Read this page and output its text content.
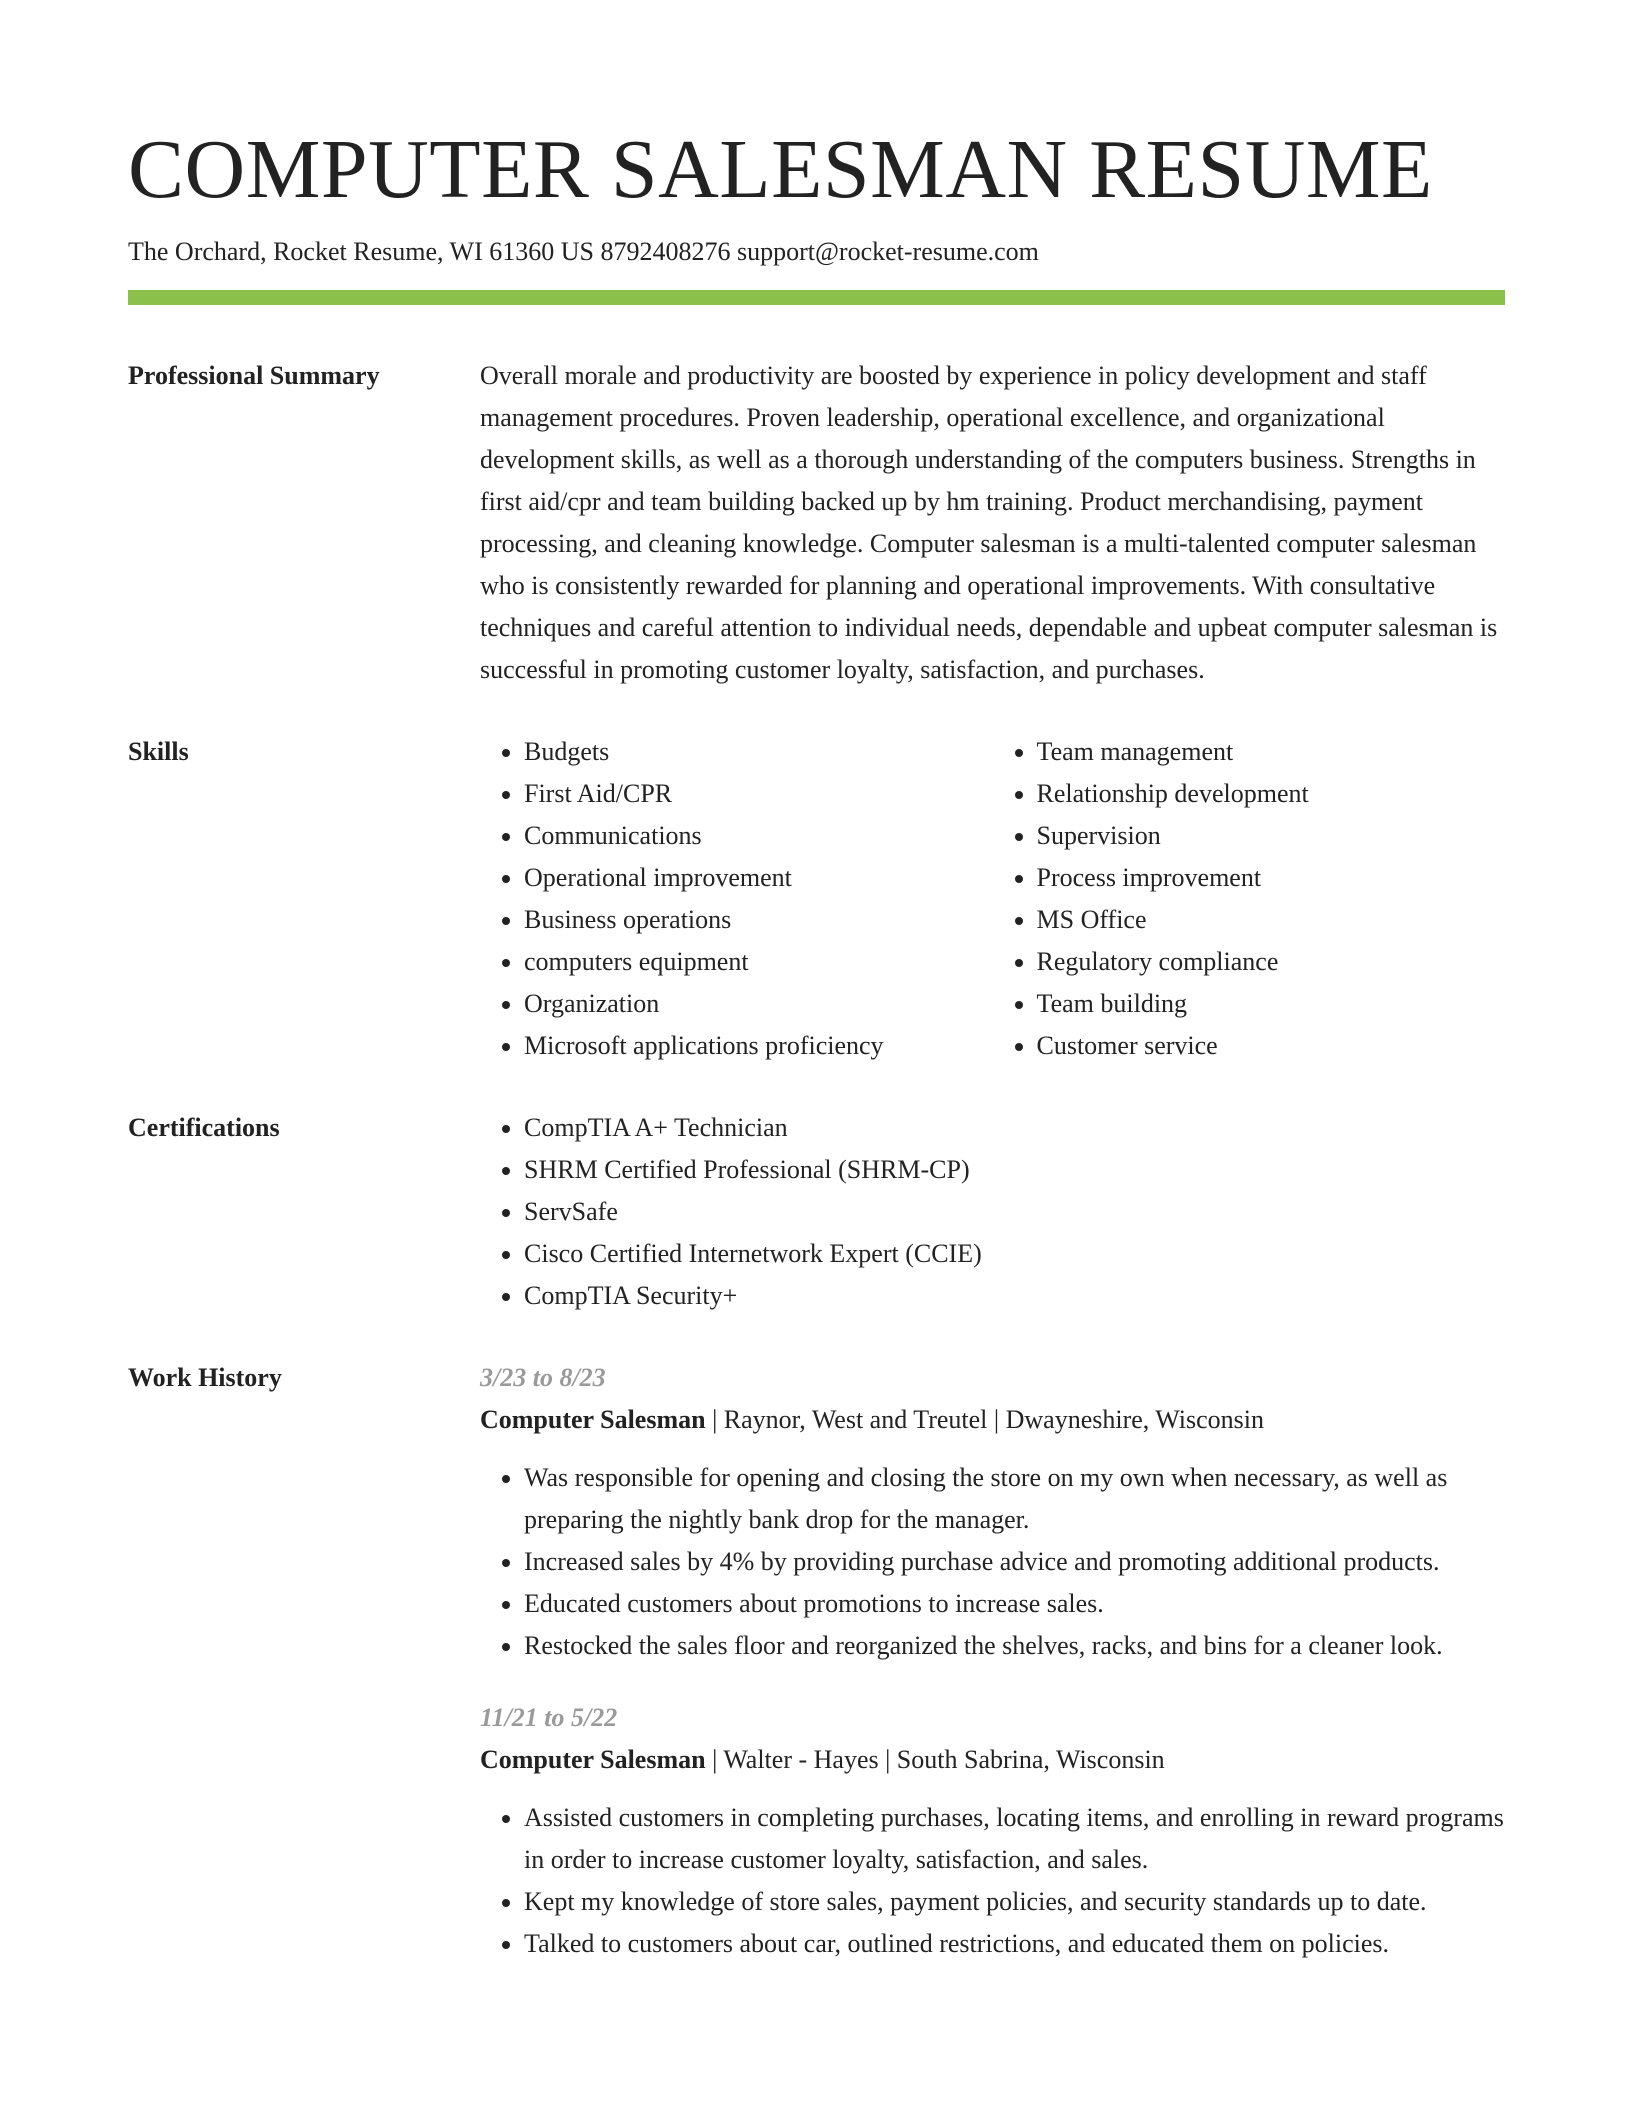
COMPUTER SALESMAN RESUME
The Orchard, Rocket Resume, WI 61360 US 8792408276 support@rocket-resume.com
Professional Summary	Overall morale and productivity are boosted by experience in policy development and staff management procedures. Proven leadership, operational excellence, and organizational development skills, as well as a thorough understanding of the computers business. Strengths in first aid/cpr and team building backed up by hm training. Product merchandising, payment processing, and cleaning knowledge. Computer salesman is a multi-talented computer salesman who is consistently rewarded for planning and operational improvements. With consultative techniques and careful attention to individual needs, dependable and upbeat computer salesman is successful in promoting customer loyalty, satisfaction, and purchases.

Skills	• Budgets
• First Aid/CPR
• Communications
• Operational improvement
• Business operations
• computers equipment
• Organization
• Microsoft applications proficiency
• Team management
• Relationship development
• Supervision
• Process improvement
• MS Office
• Regulatory compliance
• Team building
• Customer service
Certifications	• CompTIA A+ Technician
• SHRM Certified Professional (SHRM-CP)
• ServSafe
• Cisco Certified Internetwork Expert (CCIE)
• CompTIA Security+
Work History	3/23 to 8/23
Computer Salesman | Raynor, West and Treutel | Dwayneshire, Wisconsin
• Was responsible for opening and closing the store on my own when necessary, as well as preparing the nightly bank drop for the manager.
• Increased sales by 4% by providing purchase advice and promoting additional products.
• Educated customers about promotions to increase sales.
• Restocked the sales floor and reorganized the shelves, racks, and bins for a cleaner look.
11/21 to 5/22
Computer Salesman | Walter - Hayes | South Sabrina, Wisconsin
• Assisted customers in completing purchases, locating items, and enrolling in reward programs in order to increase customer loyalty, satisfaction, and sales.
• Kept my knowledge of store sales, payment policies, and security standards up to date.
• Talked to customers about car, outlined restrictions, and educated them on policies.
